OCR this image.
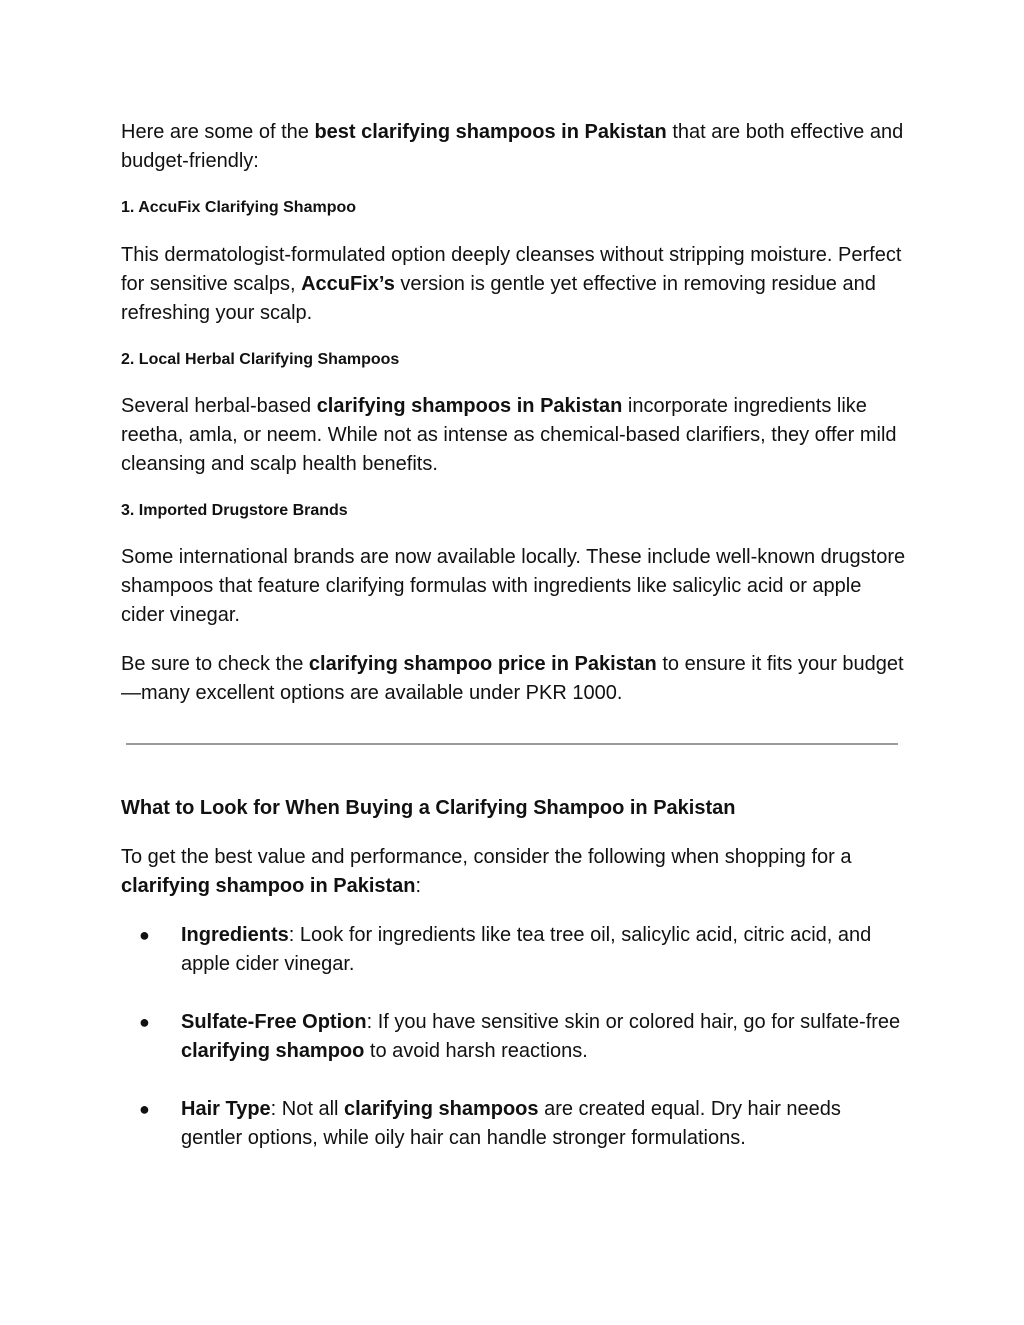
Here are some of the best clarifying shampoos in Pakistan that are both effective and budget-friendly:

1. AccuFix Clarifying Shampoo

This dermatologist-formulated option deeply cleanses without stripping moisture. Perfect for sensitive scalps, AccuFix’s version is gentle yet effective in removing residue and refreshing your scalp.

2. Local Herbal Clarifying Shampoos

Several herbal-based clarifying shampoos in Pakistan incorporate ingredients like reetha, amla, or neem. While not as intense as chemical-based clarifiers, they offer mild cleansing and scalp health benefits.

3. Imported Drugstore Brands

Some international brands are now available locally. These include well-known drugstore shampoos that feature clarifying formulas with ingredients like salicylic acid or apple cider vinegar.

Be sure to check the clarifying shampoo price in Pakistan to ensure it fits your budget—many excellent options are available under PKR 1000.

What to Look for When Buying a Clarifying Shampoo in Pakistan

To get the best value and performance, consider the following when shopping for a clarifying shampoo in Pakistan:

● Ingredients: Look for ingredients like tea tree oil, salicylic acid, citric acid, and apple cider vinegar.
● Sulfate-Free Option: If you have sensitive skin or colored hair, go for sulfate-free clarifying shampoo to avoid harsh reactions.
● Hair Type: Not all clarifying shampoos are created equal. Dry hair needs gentler options, while oily hair can handle stronger formulations.
